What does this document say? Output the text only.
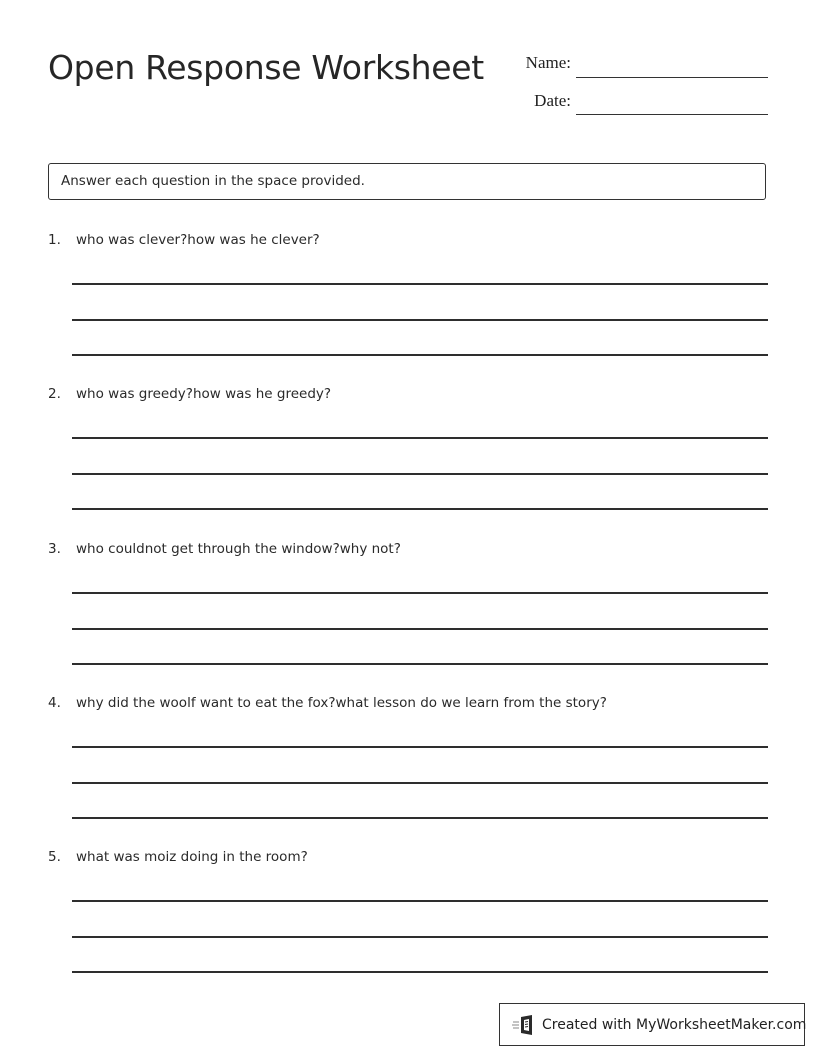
Open Response Worksheet Name:
Date:
Answer each question in the space provided.
1. who was clever?how was he clever?
2. who was greedy?how was he greedy?
3. who couldnot get through the window?why not?
4. why did the woolf want to eat the fox?what lesson do we learn from the story?
5. what was moiz doing in the room?
Created with MyWorksheetMaker.com
